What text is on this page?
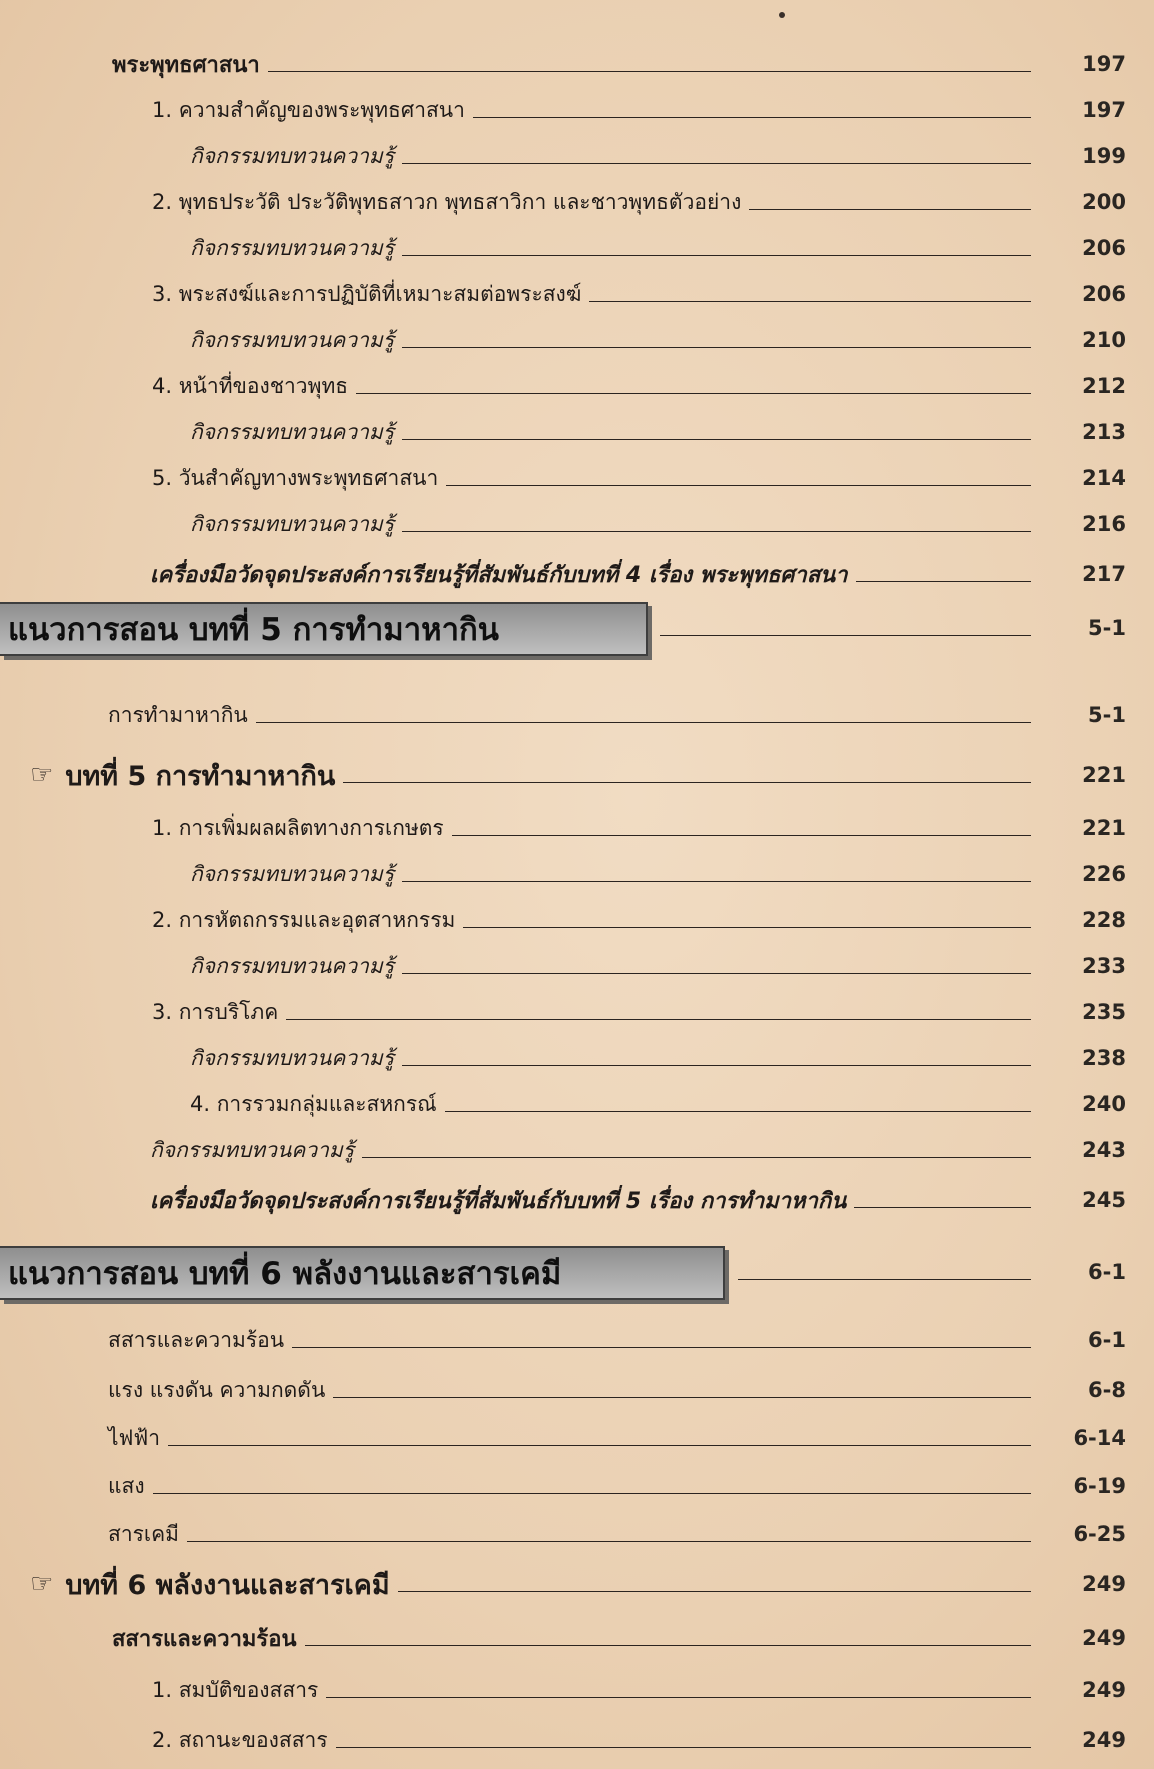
พระพุทธศาสนา	197
1. ความสำคัญของพระพุทธศาสนา	197
กิจกรรมทบทวนความรู้	199
2. พุทธประวัติ ประวัติพุทธสาวก พุทธสาวิกา และชาวพุทธตัวอย่าง	200
กิจกรรมทบทวนความรู้	206
3. พระสงฆ์และการปฏิบัติที่เหมาะสมต่อพระสงฆ์	206
กิจกรรมทบทวนความรู้	210
4. หน้าที่ของชาวพุทธ	212
กิจกรรมทบทวนความรู้	213
5. วันสำคัญทางพระพุทธศาสนา	214
กิจกรรมทบทวนความรู้	216
เครื่องมือวัดจุดประสงค์การเรียนรู้ที่สัมพันธ์กับบทที่ 4 เรื่อง พระพุทธศาสนา	217
แนวการสอน บทที่ 5 การทำมาหากิน	5-1
การทำมาหากิน	5-1
☞ บทที่ 5 การทำมาหากิน	221
1. การเพิ่มผลผลิตทางการเกษตร	221
กิจกรรมทบทวนความรู้	226
2. การหัตถกรรมและอุตสาหกรรม	228
กิจกรรมทบทวนความรู้	233
3. การบริโภค	235
กิจกรรมทบทวนความรู้	238
4. การรวมกลุ่มและสหกรณ์	240
กิจกรรมทบทวนความรู้	243
เครื่องมือวัดจุดประสงค์การเรียนรู้ที่สัมพันธ์กับบทที่ 5 เรื่อง การทำมาหากิน	245
แนวการสอน บทที่ 6 พลังงานและสารเคมี	6-1
สสารและความร้อน	6-1
แรง แรงดัน ความกดดัน	6-8
ไฟฟ้า	6-14
แสง	6-19
สารเคมี	6-25
☞ บทที่ 6 พลังงานและสารเคมี	249
สสารและความร้อน	249
1. สมบัติของสสาร	249
2. สถานะของสสาร	249
